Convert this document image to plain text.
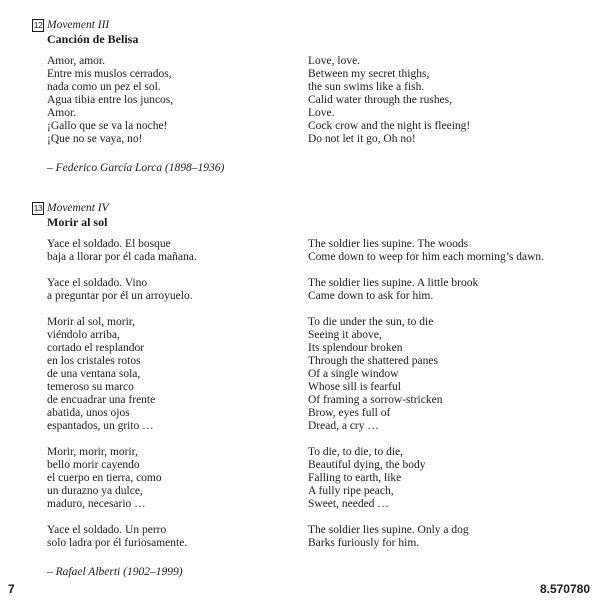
12 Movement III
Canción de Belisa
Amor, amor.
Entre mis muslos cerrados,
nada como un pez el sol.
Agua tibia entre los juncos,
Amor.
¡Gallo que se va la noche!
¡Que no se vaya, no!
Love, love.
Between my secret thighs,
the sun swims like a fish.
Calid water through the rushes,
Love.
Cock crow and the night is fleeing!
Do not let it go, Oh no!
– Federico García Lorca (1898–1936)
13 Movement IV
Morir al sol
Yace el soldado. El bosque
baja a llorar por él cada mañana.
Yace el soldado. Vino
a preguntar por él un arroyuelo.
Morir al sol, morir,
viéndolo arriba,
cortado el resplandor
en los cristales rotos
de una ventana sola,
temeroso su marco
de encuadrar una frente
abatida, unos ojos
espantados, un grito …
Morir, morir, morir,
bello morir cayendo
el cuerpo en tierra, como
un durazno ya dulce,
maduro, necesario …
Yace el soldado. Un perro
solo ladra por él furiosamente.
The soldier lies supine. The woods
Come down to weep for him each morning’s dawn.
The soldier lies supine. A little brook
Came down to ask for him.
To die under the sun, to die
Seeing it above,
Its splendour broken
Through the shattered panes
Of a single window
Whose sill is fearful
Of framing a sorrow-stricken
Brow, eyes full of
Dread, a cry …
To die, to die, to die,
Beautiful dying, the body
Falling to earth, like
A fully ripe peach,
Sweet, needed …
The soldier lies supine. Only a dog
Barks furiously for him.
– Rafael Alberti (1902–1999)
7	8.570780
